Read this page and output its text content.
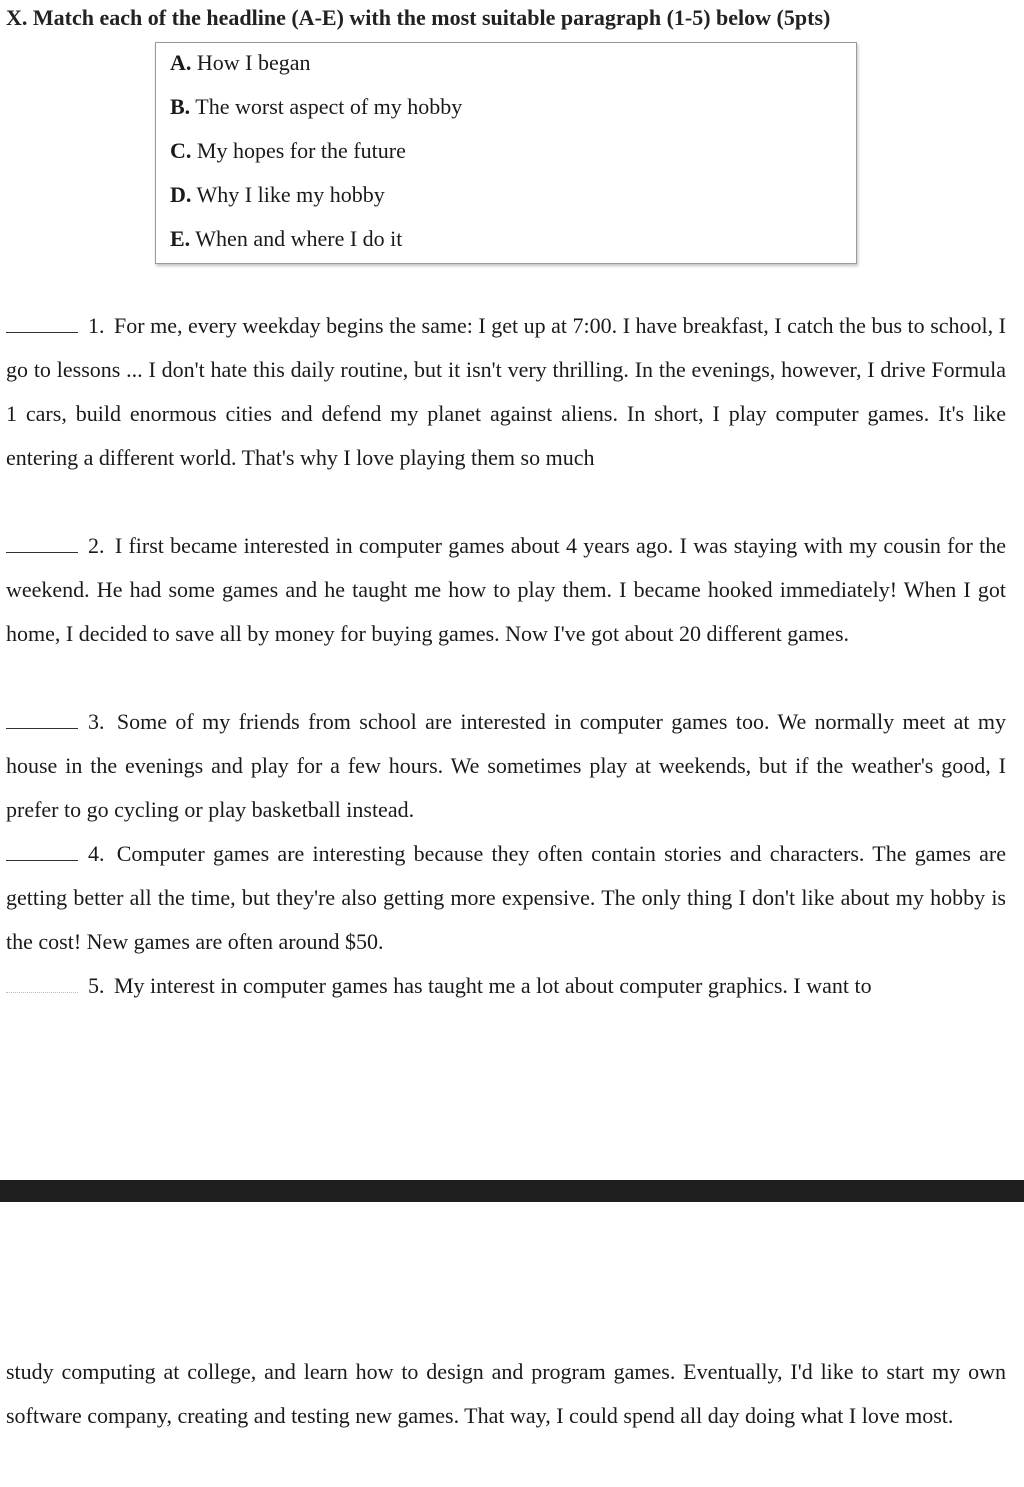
X. Match each of the headline (A-E) with the most suitable paragraph (1-5) below (5pts)
A. How I began
B. The worst aspect of my hobby
C. My hopes for the future
D. Why I like my hobby
E. When and where I do it
1. For me, every weekday begins the same: I get up at 7:00. I have breakfast, I catch the bus to school, I go to lessons ... I don't hate this daily routine, but it isn't very thrilling. In the evenings, however, I drive Formula 1 cars, build enormous cities and defend my planet against aliens. In short, I play computer games. It's like entering a different world. That's why I love playing them so much
2. I first became interested in computer games about 4 years ago. I was staying with my cousin for the weekend. He had some games and he taught me how to play them. I became hooked immediately! When I got home, I decided to save all by money for buying games. Now I've got about 20 different games.
3. Some of my friends from school are interested in computer games too. We normally meet at my house in the evenings and play for a few hours. We sometimes play at weekends, but if the weather's good, I prefer to go cycling or play basketball instead.
4. Computer games are interesting because they often contain stories and characters. The games are getting better all the time, but they're also getting more expensive. The only thing I don't like about my hobby is the cost! New games are often around $50.
5. My interest in computer games has taught me a lot about computer graphics. I want to
study computing at college, and learn how to design and program games. Eventually, I'd like to start my own software company, creating and testing new games. That way, I could spend all day doing what I love most.
